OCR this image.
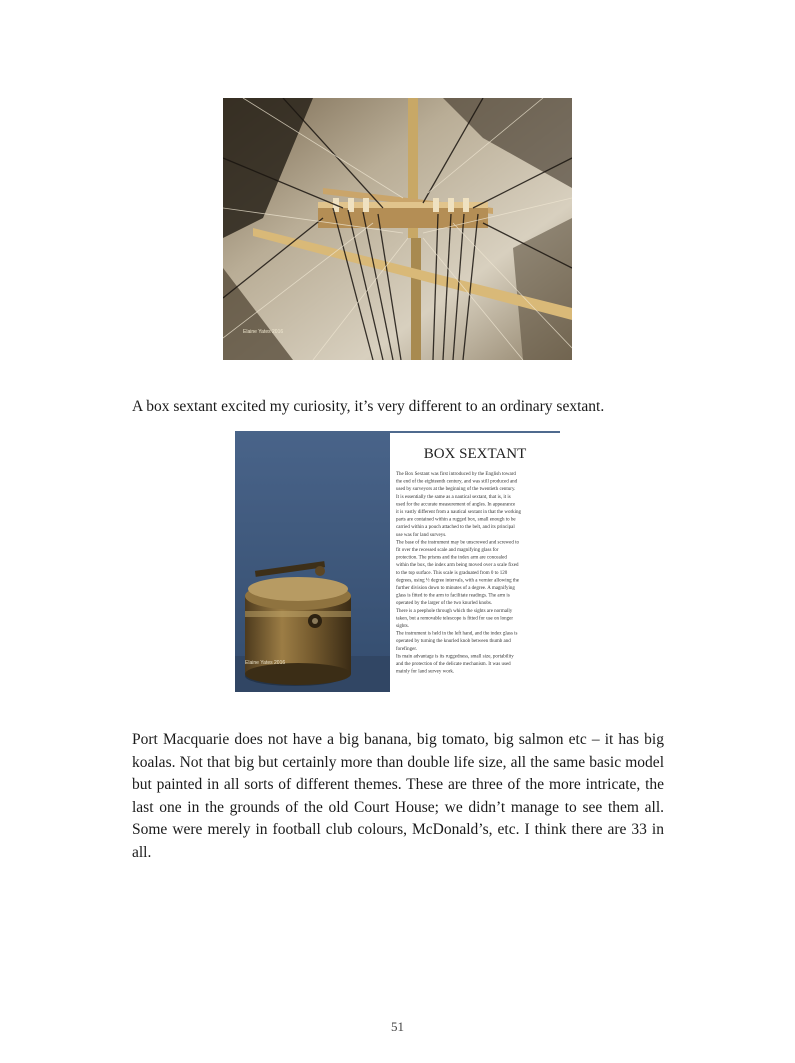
Elaine Yates 2016

A box sextant excited my curiosity, it’s very different to an ordinary sextant.

BOX SEXTANT
The Box Sextant was first introduced by the English toward
the end of the eighteenth century, and was still produced and
used by surveyors at the beginning of the twentieth century.
It is essentially the same as a nautical sextant, that is, it is
used for the accurate measurement of angles. In appearance
it is vastly different from a nautical sextant in that the working
parts are contained within a rugged box, small enough to be
carried within a pouch attached to the belt, and its principal
use was for land surveys.
The base of the instrument may be unscrewed and screwed to
fit over the recessed scale and magnifying glass for
protection. The prisms and the index arm are concealed
within the box, the index arm being moved over a scale fixed
to the top surface. This scale is graduated from 0 to 120
degrees, using ½ degree intervals, with a vernier allowing the
further division down to minutes of a degree. A magnifying
glass is fitted to the arm to facilitate readings. The arm is
operated by the larger of the two knurled knobs.
There is a peephole through which the sights are normally
taken, but a removable telescope is fitted for use on longer
sights.
The instrument is held in the left hand, and the index glass is
operated by turning the knurled knob between thumb and
forefinger.
Its main advantage is its ruggedness, small size, portability
and the protection of the delicate mechanism. It was used
mainly for land survey work.
Elaine Yates 2016

Port Macquarie does not have a big banana, big tomato, big salmon etc – it has big koalas. Not that big but certainly more than double life size, all the same basic model but painted in all sorts of different themes. These are three of the more intricate, the last one in the grounds of the old Court House; we didn’t manage to see them all. Some were merely in football club colours, McDonald’s, etc. I think there are 33 in all.

51
